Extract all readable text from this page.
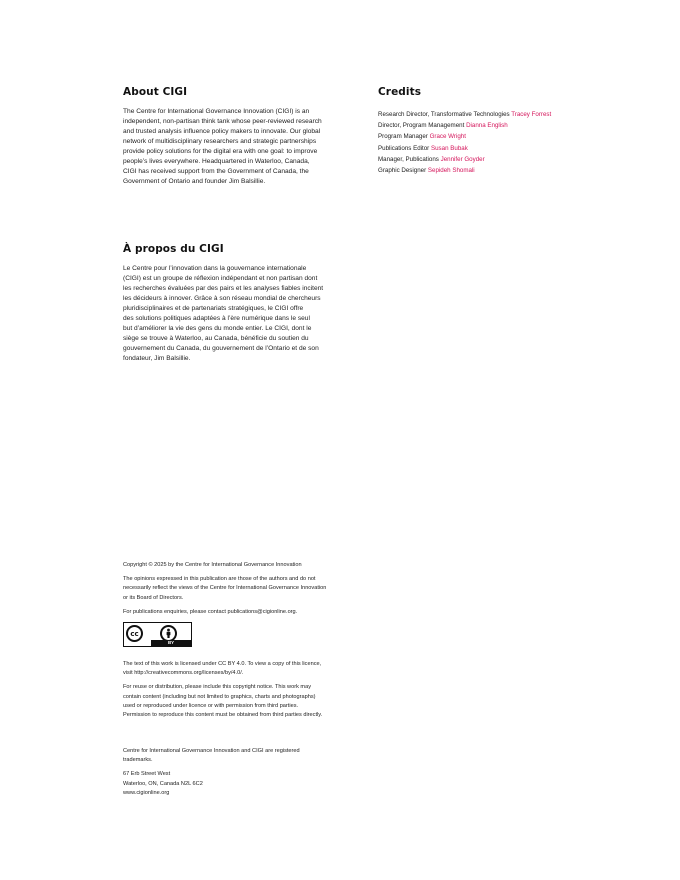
About CIGI

The Centre for International Governance Innovation (CIGI) is an
independent, non-partisan think tank whose peer-reviewed research
and trusted analysis influence policy makers to innovate. Our global
network of multidisciplinary researchers and strategic partnerships
provide policy solutions for the digital era with one goal: to improve
people’s lives everywhere. Headquartered in Waterloo, Canada,
CIGI has received support from the Government of Canada, the
Government of Ontario and founder Jim Balsillie.

Credits
Research Director, Transformative Technologies Tracey Forrest
Director, Program Management Dianna English
Program Manager Grace Wright
Publications Editor Susan Bubak
Manager, Publications Jennifer Goyder
Graphic Designer Sepideh Shomali
À propos du CIGI

Le Centre pour l’innovation dans la gouvernance internationale
(CIGI) est un groupe de réflexion indépendant et non partisan dont
les recherches évaluées par des pairs et les analyses fiables incitent
les décideurs à innover. Grâce à son réseau mondial de chercheurs
pluridisciplinaires et de partenariats stratégiques, le CIGI offre
des solutions politiques adaptées à l’ère numérique dans le seul
but d’améliorer la vie des gens du monde entier. Le CIGI, dont le
siège se trouve à Waterloo, au Canada, bénéficie du soutien du
gouvernement du Canada, du gouvernement de l’Ontario et de son
fondateur, Jim Balsillie.

Copyright © 2025 by the Centre for International Governance Innovation

The opinions expressed in this publication are those of the authors and do not
necessarily reflect the views of the Centre for International Governance Innovation
or its Board of Directors.

For publications enquiries, please contact publications@cigionline.org.

cc
BY

The text of this work is licensed under CC BY 4.0. To view a copy of this licence,
visit http://creativecommons.org/licenses/by/4.0/.

For reuse or distribution, please include this copyright notice. This work may
contain content (including but not limited to graphics, charts and photographs)
used or reproduced under licence or with permission from third parties.
Permission to reproduce this content must be obtained from third parties directly.

Centre for International Governance Innovation and CIGI are registered
trademarks.

67 Erb Street West
Waterloo, ON, Canada N2L 6C2
www.cigionline.org
